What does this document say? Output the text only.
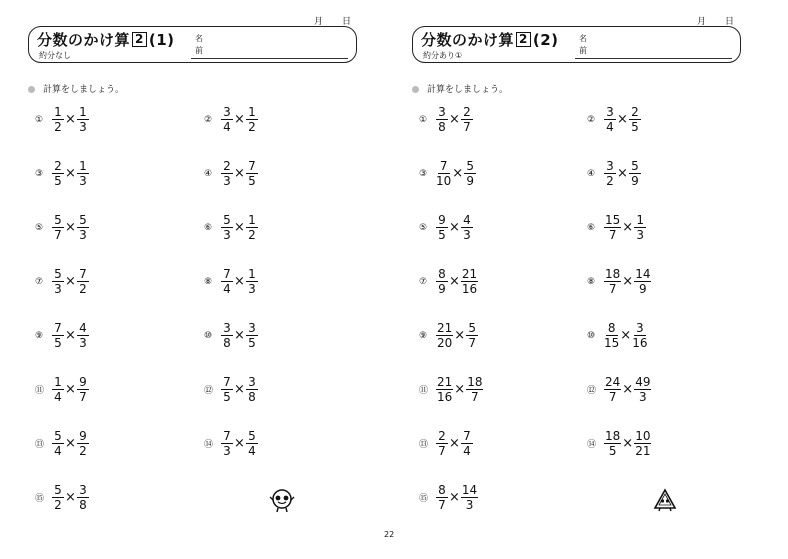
月 日
分数のかけ算 2 (1)
約分なし
名
前
計算をしましょう。
① $\frac{1}{2} \times \frac{1}{3}$	② $\frac{3}{4} \times \frac{1}{2}$
③ $\frac{2}{5} \times \frac{1}{3}$	④ $\frac{2}{3} \times \frac{7}{5}$
⑤ $\frac{5}{7} \times \frac{5}{3}$	⑥ $\frac{5}{3} \times \frac{1}{2}$
⑦ $\frac{5}{3} \times \frac{7}{2}$	⑧ $\frac{7}{4} \times \frac{1}{3}$
⑨ $\frac{7}{5} \times \frac{4}{3}$	⑩ $\frac{3}{8} \times \frac{3}{5}$
⑪ $\frac{1}{4} \times \frac{9}{7}$	⑫ $\frac{7}{5} \times \frac{3}{8}$
⑬ $\frac{5}{4} \times \frac{9}{2}$	⑭ $\frac{7}{3} \times \frac{5}{4}$
⑮ $\frac{5}{2} \times \frac{3}{8}$
月 日
分数のかけ算 2 (2)
約分あり①
名
前
計算をしましょう。
① $\frac{3}{8} \times \frac{2}{7}$	② $\frac{3}{4} \times \frac{2}{5}$
③ $\frac{7}{10} \times \frac{5}{9}$	④ $\frac{3}{2} \times \frac{5}{9}$
⑤ $\frac{9}{5} \times \frac{4}{3}$	⑥ $\frac{15}{7} \times \frac{1}{3}$
⑦ $\frac{8}{9} \times \frac{21}{16}$	⑧ $\frac{18}{7} \times \frac{14}{9}$
⑨ $\frac{21}{20} \times \frac{5}{7}$	⑩ $\frac{8}{15} \times \frac{3}{16}$
⑪ $\frac{21}{16} \times \frac{18}{7}$	⑫ $\frac{24}{7} \times \frac{49}{3}$
⑬ $\frac{2}{7} \times \frac{7}{4}$	⑭ $\frac{18}{5} \times \frac{10}{21}$
⑮ $\frac{8}{7} \times \frac{14}{3}$
22
